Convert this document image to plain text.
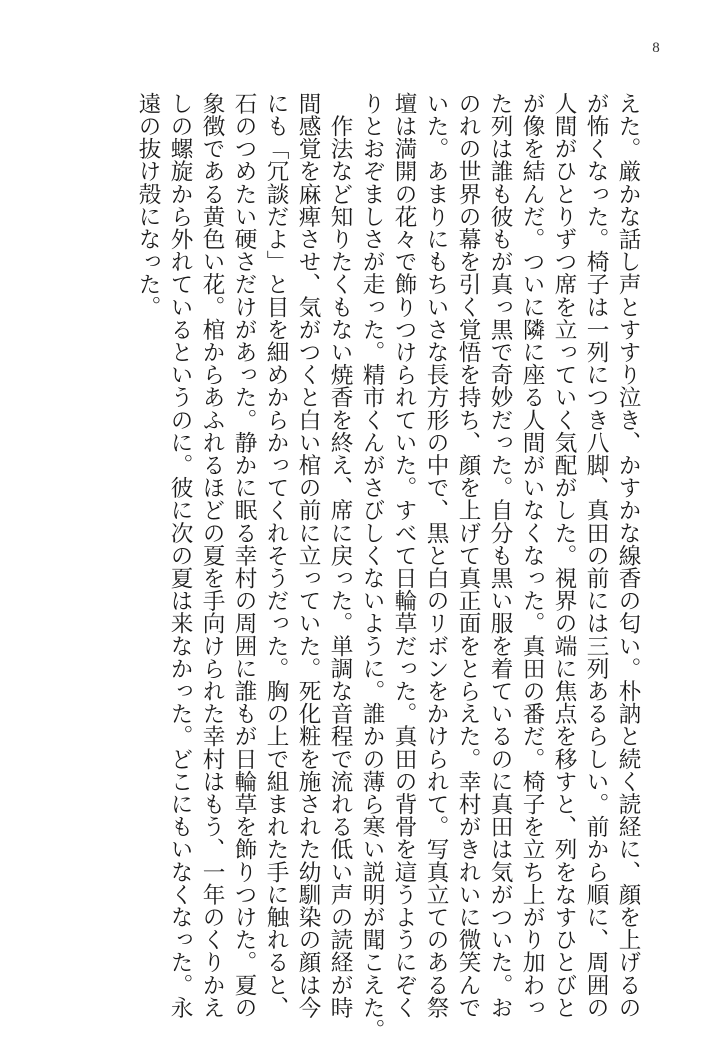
8

えた。厳かな話し声とすすり泣き、かすかな線香の匂い。朴訥と続く読経に、顔を上げるの

が怖くなった。椅子は一列につき八脚、真田の前には三列あるらしい。前から順に、周囲の

人間がひとりずつ席を立っていく気配がした。視界の端に焦点を移すと、列をなすひとびと

が像を結んだ。ついに隣に座る人間がいなくなった。真田の番だ。椅子を立ち上がり加わっ

た列は誰も彼もが真っ黒で奇妙だった。自分も黒い服を着ているのに真田は気がついた。お

のれの世界の幕を引く覚悟を持ち、顔を上げて真正面をとらえた。幸村がきれいに微笑んで

いた。あまりにもちいさな長方形の中で、黒と白のリボンをかけられて。写真立てのある祭

壇は満開の花々で飾りつけられていた。すべて日輪草だった。真田の背骨を這うようにぞく

りとおぞましさが走った。精市くんがさびしくないように。誰かの薄ら寒い説明が聞こえた。

　作法など知りたくもない焼香を終え、席に戻った。単調な音程で流れる低い声の読経が時

間感覚を麻痺させ、気がつくと白い棺の前に立っていた。死化粧を施された幼馴染の顔は今

にも「冗談だよ」と目を細めからかってくれそうだった。胸の上で組まれた手に触れると、

石のつめたい硬さだけがあった。静かに眠る幸村の周囲に誰もが日輪草を飾りつけた。夏の

象徴である黄色い花。棺からあふれるほどの夏を手向けられた幸村はもう、一年のくりかえ

しの螺旋から外れているというのに。彼に次の夏は来なかった。どこにもいなくなった。永

遠の抜け殻になった。
